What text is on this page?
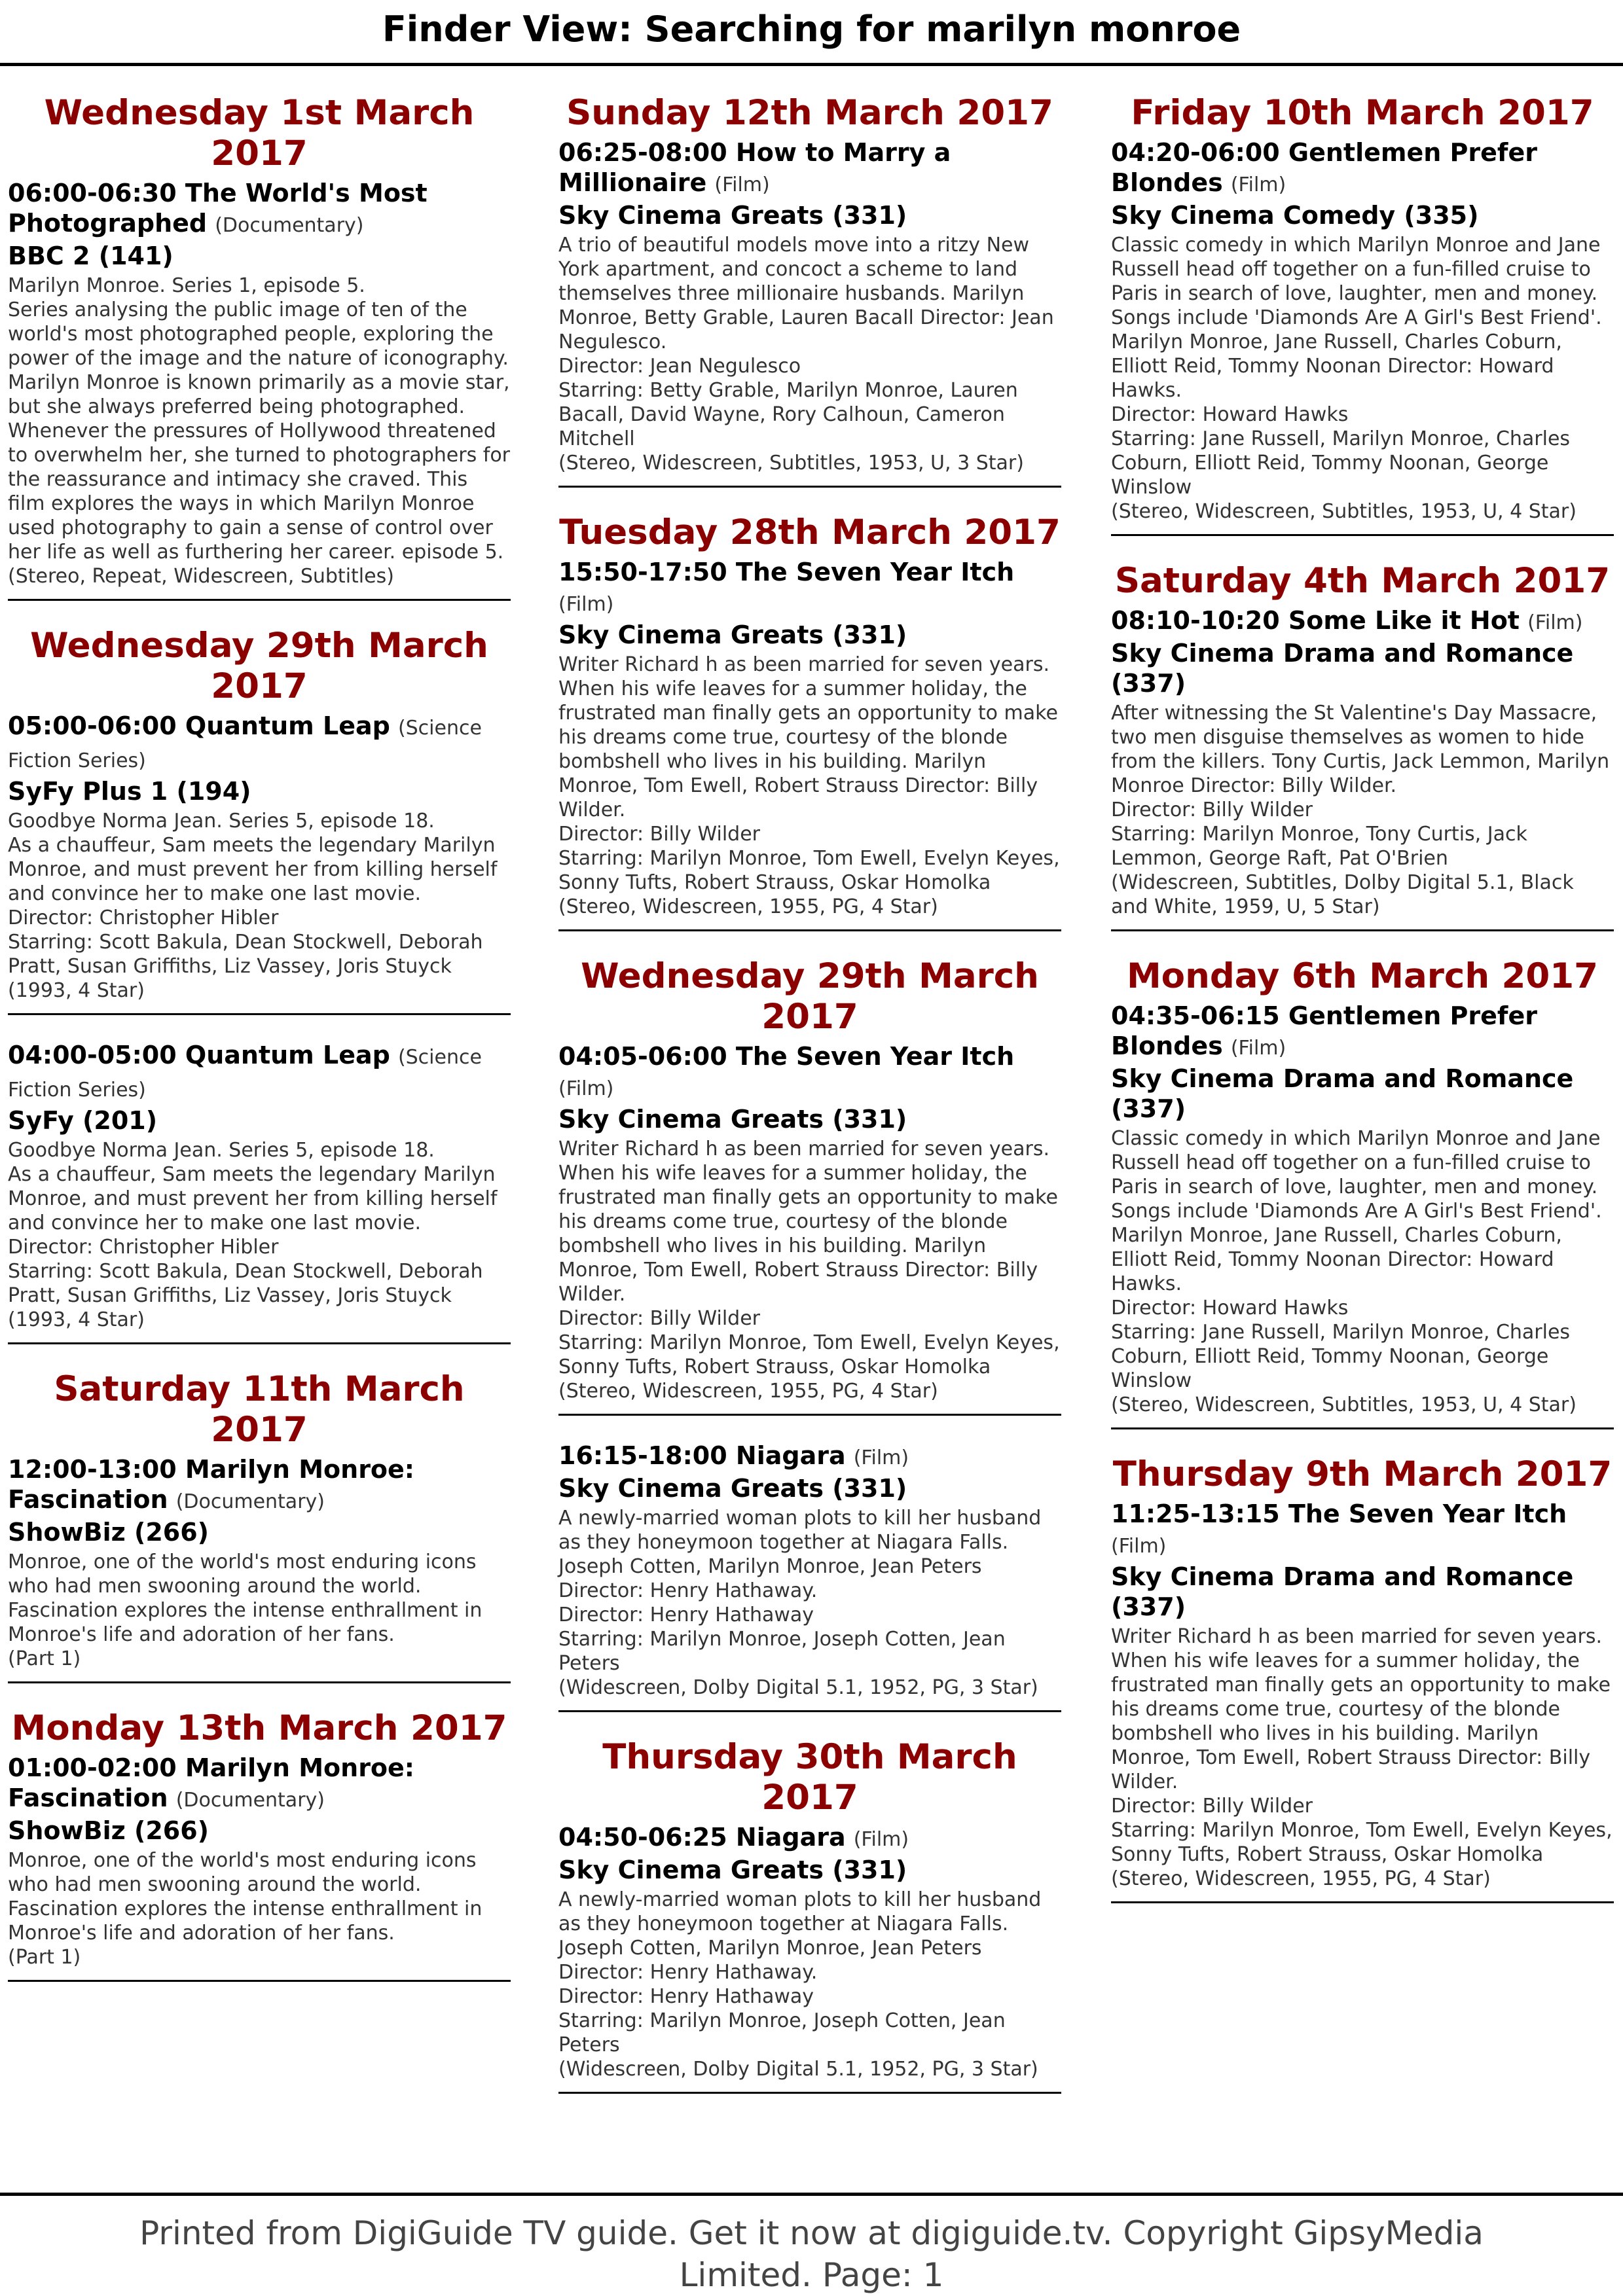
Finder View: Searching for marilyn monroe
Wednesday 1st March 2017
06:00-06:30 The World's Most Photographed (Documentary)
BBC 2 (141)
Marilyn Monroe. Series 1, episode 5.
Series analysing the public image of ten of the world's most photographed people, exploring the power of the image and the nature of iconography. Marilyn Monroe is known primarily as a movie star, but she always preferred being photographed. Whenever the pressures of Hollywood threatened to overwhelm her, she turned to photographers for the reassurance and intimacy she craved. This film explores the ways in which Marilyn Monroe used photography to gain a sense of control over her life as well as furthering her career. episode 5.
(Stereo, Repeat, Widescreen, Subtitles)
Wednesday 29th March 2017
05:00-06:00 Quantum Leap (Science Fiction Series)
SyFy Plus 1 (194)
Goodbye Norma Jean. Series 5, episode 18.
As a chauffeur, Sam meets the legendary Marilyn Monroe, and must prevent her from killing herself and convince her to make one last movie.
Director: Christopher Hibler
Starring: Scott Bakula, Dean Stockwell, Deborah Pratt, Susan Griffiths, Liz Vassey, Joris Stuyck
(1993, 4 Star)
04:00-05:00 Quantum Leap (Science Fiction Series)
SyFy (201)
Goodbye Norma Jean. Series 5, episode 18.
As a chauffeur, Sam meets the legendary Marilyn Monroe, and must prevent her from killing herself and convince her to make one last movie.
Director: Christopher Hibler
Starring: Scott Bakula, Dean Stockwell, Deborah Pratt, Susan Griffiths, Liz Vassey, Joris Stuyck
(1993, 4 Star)
Saturday 11th March 2017
12:00-13:00 Marilyn Monroe: Fascination (Documentary)
ShowBiz (266)
Monroe, one of the world's most enduring icons who had men swooning around the world. Fascination explores the intense enthrallment in Monroe's life and adoration of her fans.
(Part 1)
Monday 13th March 2017
01:00-02:00 Marilyn Monroe: Fascination (Documentary)
ShowBiz (266)
Monroe, one of the world's most enduring icons who had men swooning around the world. Fascination explores the intense enthrallment in Monroe's life and adoration of her fans.
(Part 1)
Sunday 12th March 2017
06:25-08:00 How to Marry a Millionaire (Film)
Sky Cinema Greats (331)
A trio of beautiful models move into a ritzy New York apartment, and concoct a scheme to land themselves three millionaire husbands. Marilyn Monroe, Betty Grable, Lauren Bacall Director: Jean Negulesco.
Director: Jean Negulesco
Starring: Betty Grable, Marilyn Monroe, Lauren Bacall, David Wayne, Rory Calhoun, Cameron Mitchell
(Stereo, Widescreen, Subtitles, 1953, U, 3 Star)
Tuesday 28th March 2017
15:50-17:50 The Seven Year Itch (Film)
Sky Cinema Greats (331)
Writer Richard h as been married for seven years. When his wife leaves for a summer holiday, the frustrated man finally gets an opportunity to make his dreams come true, courtesy of the blonde bombshell who lives in his building. Marilyn Monroe, Tom Ewell, Robert Strauss Director: Billy Wilder.
Director: Billy Wilder
Starring: Marilyn Monroe, Tom Ewell, Evelyn Keyes, Sonny Tufts, Robert Strauss, Oskar Homolka
(Stereo, Widescreen, 1955, PG, 4 Star)
Wednesday 29th March 2017
04:05-06:00 The Seven Year Itch (Film)
Sky Cinema Greats (331)
Writer Richard h as been married for seven years. When his wife leaves for a summer holiday, the frustrated man finally gets an opportunity to make his dreams come true, courtesy of the blonde bombshell who lives in his building. Marilyn Monroe, Tom Ewell, Robert Strauss Director: Billy Wilder.
Director: Billy Wilder
Starring: Marilyn Monroe, Tom Ewell, Evelyn Keyes, Sonny Tufts, Robert Strauss, Oskar Homolka
(Stereo, Widescreen, 1955, PG, 4 Star)
16:15-18:00 Niagara (Film)
Sky Cinema Greats (331)
A newly-married woman plots to kill her husband as they honeymoon together at Niagara Falls. Joseph Cotten, Marilyn Monroe, Jean Peters Director: Henry Hathaway.
Director: Henry Hathaway
Starring: Marilyn Monroe, Joseph Cotten, Jean Peters
(Widescreen, Dolby Digital 5.1, 1952, PG, 3 Star)
Thursday 30th March 2017
04:50-06:25 Niagara (Film)
Sky Cinema Greats (331)
A newly-married woman plots to kill her husband as they honeymoon together at Niagara Falls. Joseph Cotten, Marilyn Monroe, Jean Peters Director: Henry Hathaway.
Director: Henry Hathaway
Starring: Marilyn Monroe, Joseph Cotten, Jean Peters
(Widescreen, Dolby Digital 5.1, 1952, PG, 3 Star)
Friday 10th March 2017
04:20-06:00 Gentlemen Prefer Blondes (Film)
Sky Cinema Comedy (335)
Classic comedy in which Marilyn Monroe and Jane Russell head off together on a fun-filled cruise to Paris in search of love, laughter, men and money. Songs include 'Diamonds Are A Girl's Best Friend'. Marilyn Monroe, Jane Russell, Charles Coburn, Elliott Reid, Tommy Noonan Director: Howard Hawks.
Director: Howard Hawks
Starring: Jane Russell, Marilyn Monroe, Charles Coburn, Elliott Reid, Tommy Noonan, George Winslow
(Stereo, Widescreen, Subtitles, 1953, U, 4 Star)
Saturday 4th March 2017
08:10-10:20 Some Like it Hot (Film)
Sky Cinema Drama and Romance (337)
After witnessing the St Valentine's Day Massacre, two men disguise themselves as women to hide from the killers. Tony Curtis, Jack Lemmon, Marilyn Monroe Director: Billy Wilder.
Director: Billy Wilder
Starring: Marilyn Monroe, Tony Curtis, Jack Lemmon, George Raft, Pat O'Brien
(Widescreen, Subtitles, Dolby Digital 5.1, Black and White, 1959, U, 5 Star)
Monday 6th March 2017
04:35-06:15 Gentlemen Prefer Blondes (Film)
Sky Cinema Drama and Romance (337)
Classic comedy in which Marilyn Monroe and Jane Russell head off together on a fun-filled cruise to Paris in search of love, laughter, men and money. Songs include 'Diamonds Are A Girl's Best Friend'. Marilyn Monroe, Jane Russell, Charles Coburn, Elliott Reid, Tommy Noonan Director: Howard Hawks.
Director: Howard Hawks
Starring: Jane Russell, Marilyn Monroe, Charles Coburn, Elliott Reid, Tommy Noonan, George Winslow
(Stereo, Widescreen, Subtitles, 1953, U, 4 Star)
Thursday 9th March 2017
11:25-13:15 The Seven Year Itch (Film)
Sky Cinema Drama and Romance (337)
Writer Richard h as been married for seven years. When his wife leaves for a summer holiday, the frustrated man finally gets an opportunity to make his dreams come true, courtesy of the blonde bombshell who lives in his building. Marilyn Monroe, Tom Ewell, Robert Strauss Director: Billy Wilder.
Director: Billy Wilder
Starring: Marilyn Monroe, Tom Ewell, Evelyn Keyes, Sonny Tufts, Robert Strauss, Oskar Homolka
(Stereo, Widescreen, 1955, PG, 4 Star)
Printed from DigiGuide TV guide. Get it now at digiguide.tv. Copyright GipsyMedia Limited. Page: 1
